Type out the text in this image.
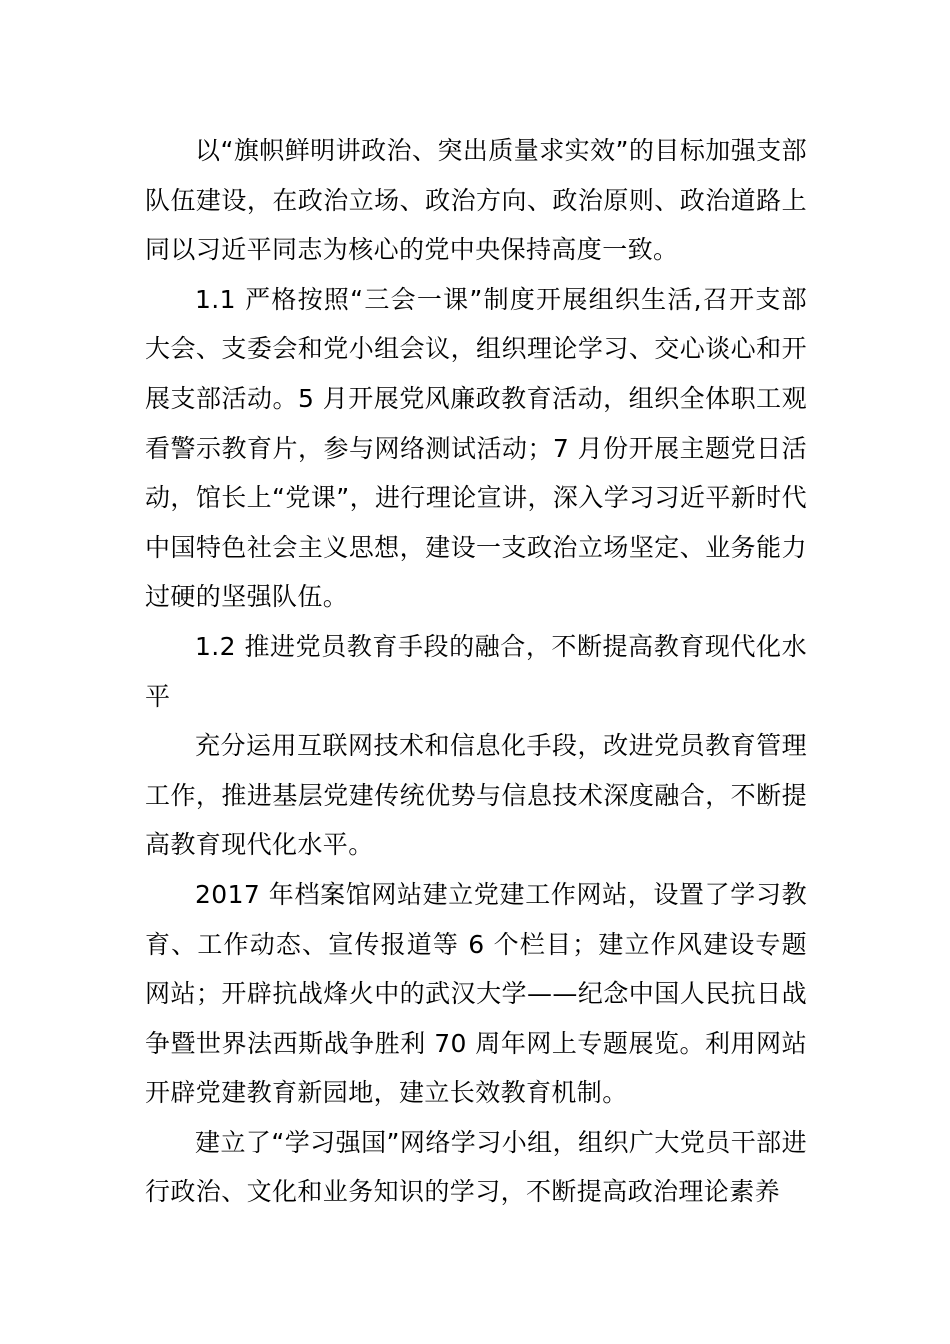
以“旗帜鲜明讲政治、突出质量求实效”的目标加强支部队伍建设，在政治立场、政治方向、政治原则、政治道路上同以习近平同志为核心的党中央保持高度一致。

1.1 严格按照“三会一课”制度开展组织生活,召开支部大会、支委会和党小组会议，组织理论学习、交心谈心和开展支部活动。5 月开展党风廉政教育活动，组织全体职工观看警示教育片，参与网络测试活动；7 月份开展主题党日活动，馆长上“党课”，进行理论宣讲，深入学习习近平新时代中国特色社会主义思想，建设一支政治立场坚定、业务能力过硬的坚强队伍。

1.2 推进党员教育手段的融合，不断提高教育现代化水平

充分运用互联网技术和信息化手段，改进党员教育管理工作，推进基层党建传统优势与信息技术深度融合，不断提高教育现代化水平。

2017 年档案馆网站建立党建工作网站，设置了学习教育、工作动态、宣传报道等 6 个栏目；建立作风建设专题网站；开辟抗战烽火中的武汉大学——纪念中国人民抗日战争暨世界法西斯战争胜利 70 周年网上专题展览。利用网站开辟党建教育新园地，建立长效教育机制。

建立了“学习强国”网络学习小组，组织广大党员干部进行政治、文化和业务知识的学习，不断提高政治理论素养
